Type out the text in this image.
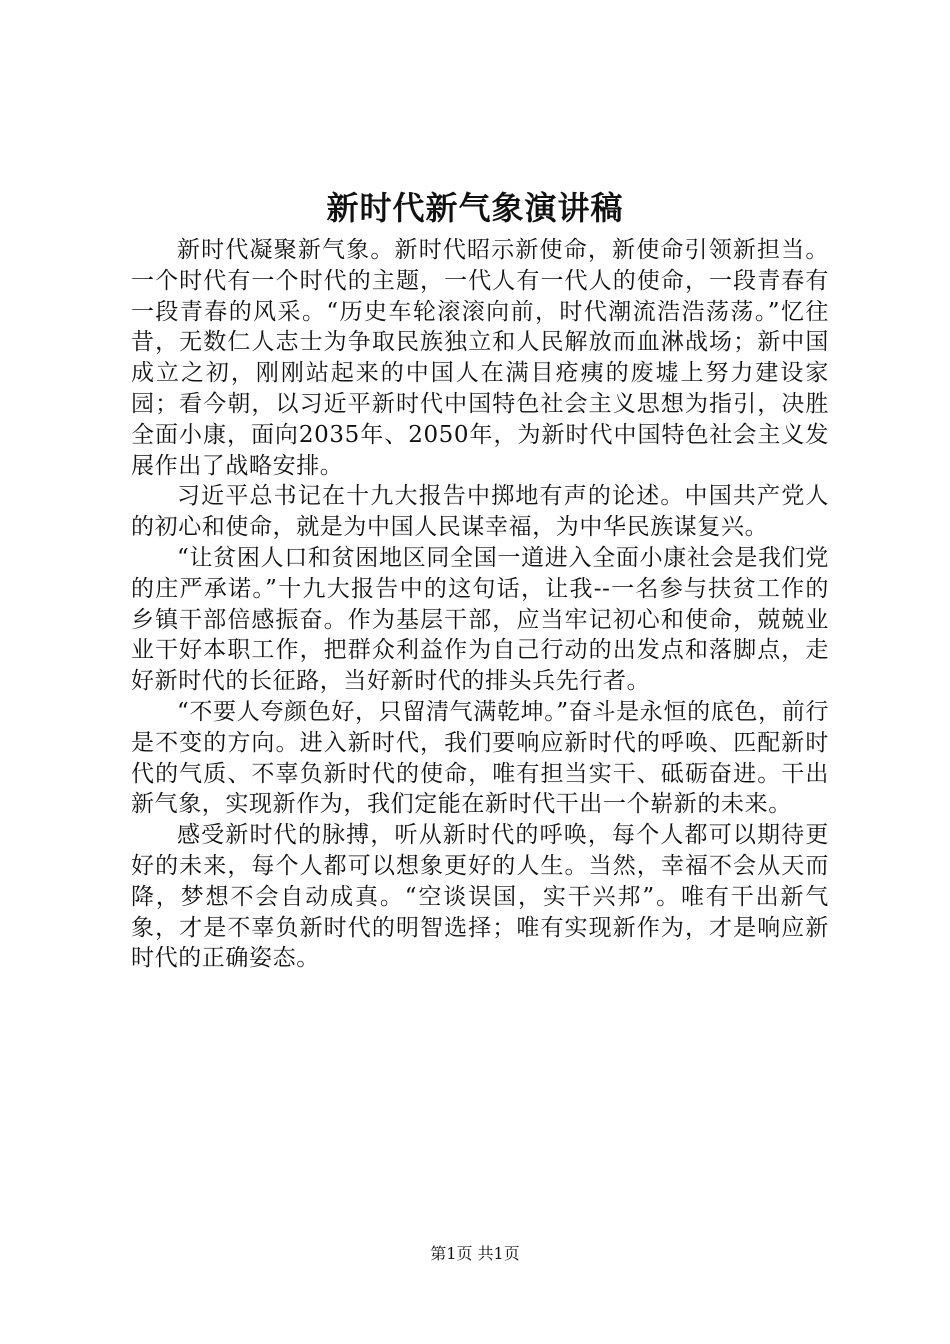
新时代新气象演讲稿

新时代凝聚新气象。新时代昭示新使命，新使命引领新担当。一个时代有一个时代的主题，一代人有一代人的使命，一段青春有一段青春的风采。“历史车轮滚滚向前，时代潮流浩浩荡荡。”忆往昔，无数仁人志士为争取民族独立和人民解放而血淋战场；新中国成立之初，刚刚站起来的中国人在满目疮痍的废墟上努力建设家园；看今朝，以习近平新时代中国特色社会主义思想为指引，决胜全面小康，面向2035年、2050年，为新时代中国特色社会主义发展作出了战略安排。

习近平总书记在十九大报告中掷地有声的论述。中国共产党人的初心和使命，就是为中国人民谋幸福，为中华民族谋复兴。

“让贫困人口和贫困地区同全国一道进入全面小康社会是我们党的庄严承诺。”十九大报告中的这句话，让我--一名参与扶贫工作的乡镇干部倍感振奋。作为基层干部，应当牢记初心和使命，兢兢业业干好本职工作，把群众利益作为自己行动的出发点和落脚点，走好新时代的长征路，当好新时代的排头兵先行者。

“不要人夸颜色好，只留清气满乾坤。”奋斗是永恒的底色，前行是不变的方向。进入新时代，我们要响应新时代的呼唤、匹配新时代的气质、不辜负新时代的使命，唯有担当实干、砥砺奋进。干出新气象，实现新作为，我们定能在新时代干出一个崭新的未来。

感受新时代的脉搏，听从新时代的呼唤，每个人都可以期待更好的未来，每个人都可以想象更好的人生。当然，幸福不会从天而降，梦想不会自动成真。“空谈误国，实干兴邦”。唯有干出新气象，才是不辜负新时代的明智选择；唯有实现新作为，才是响应新时代的正确姿态。

第1页 共1页
